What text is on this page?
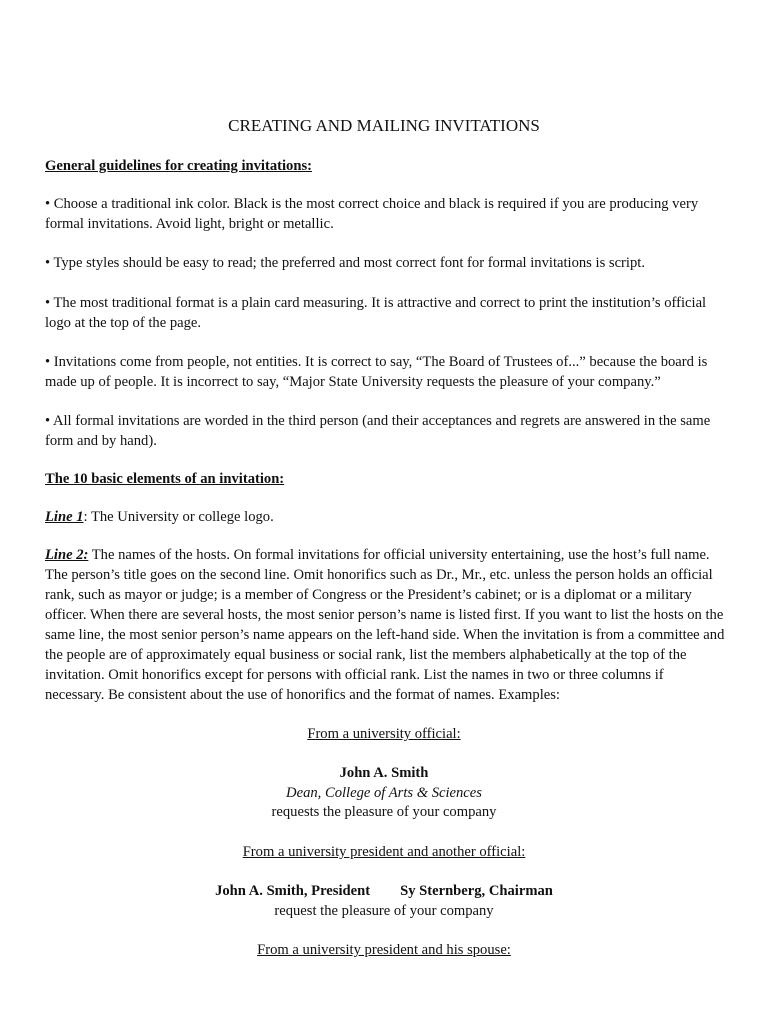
CREATING AND MAILING INVITATIONS
General guidelines for creating invitations:

• Choose a traditional ink color. Black is the most correct choice and black is required if you are producing very formal invitations. Avoid light, bright or metallic.

• Type styles should be easy to read; the preferred and most correct font for formal invitations is script.

• The most traditional format is a plain card measuring. It is attractive and correct to print the institution’s official logo at the top of the page.

• Invitations come from people, not entities. It is correct to say, “The Board of Trustees of...” because the board is made up of people. It is incorrect to say, “Major State University requests the pleasure of your company.”

• All formal invitations are worded in the third person (and their acceptances and regrets are answered in the same form and by hand).

The 10 basic elements of an invitation:

Line 1: The University or college logo.

Line 2: The names of the hosts. On formal invitations for official university entertaining, use the host’s full name. The person’s title goes on the second line. Omit honorifics such as Dr., Mr., etc. unless the person holds an official rank, such as mayor or judge; is a member of Congress or the President’s cabinet; or is a diplomat or a military officer. When there are several hosts, the most senior person’s name is listed first. If you want to list the hosts on the same line, the most senior person’s name appears on the left-hand side. When the invitation is from a committee and the people are of approximately equal business or social rank, list the members alphabetically at the top of the invitation. Omit honorifics except for persons with official rank. List the names in two or three columns if necessary. Be consistent about the use of honorifics and the format of names. Examples:

From a university official:
John A. Smith
Dean, College of Arts & Sciences
requests the pleasure of your company
From a university president and another official:
John A. Smith, President Sy Sternberg, Chairman
request the pleasure of your company
From a university president and his spouse:
